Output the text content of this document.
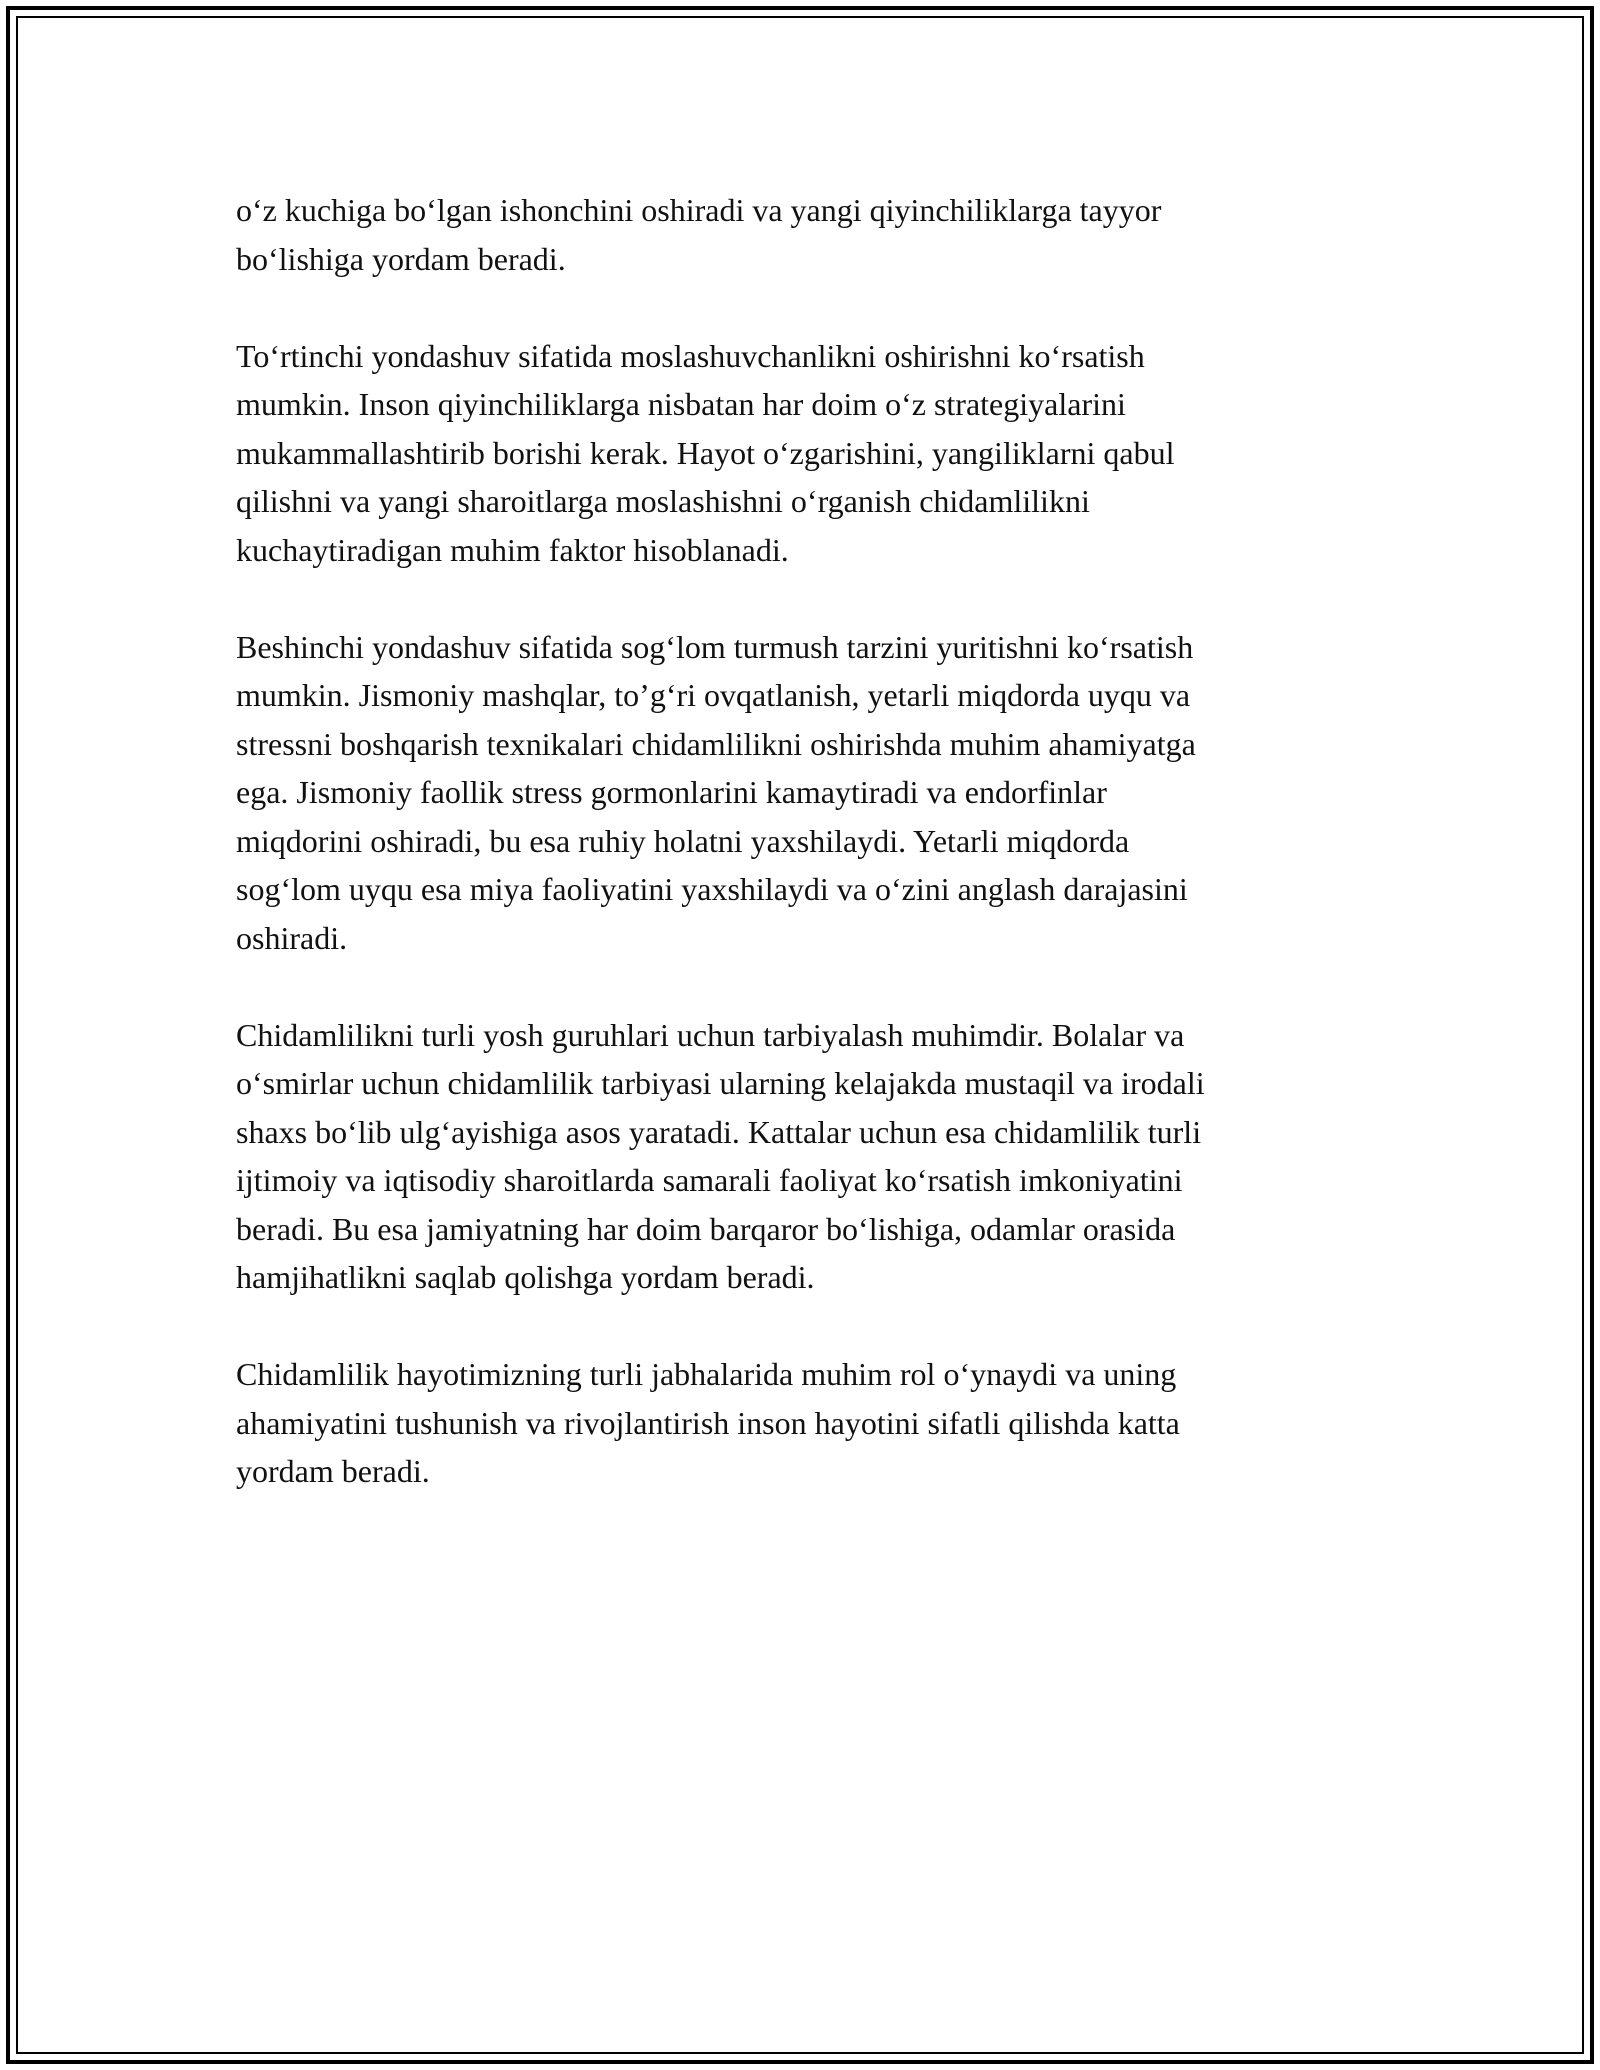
o‘z kuchiga bo‘lgan ishonchini oshiradi va yangi qiyinchiliklarga tayyor
bo‘lishiga yordam beradi.

To‘rtinchi yondashuv sifatida moslashuvchanlikni oshirishni ko‘rsatish
mumkin. Inson qiyinchiliklarga nisbatan har doim o‘z strategiyalarini
mukammallashtirib borishi kerak. Hayot o‘zgarishini, yangiliklarni qabul
qilishni va yangi sharoitlarga moslashishni o‘rganish chidamlilikni
kuchaytiradigan muhim faktor hisoblanadi.

Beshinchi yondashuv sifatida sog‘lom turmush tarzini yuritishni ko‘rsatish
mumkin. Jismoniy mashqlar, to’g‘ri ovqatlanish, yetarli miqdorda uyqu va
stressni boshqarish texnikalari chidamlilikni oshirishda muhim ahamiyatga
ega. Jismoniy faollik stress gormonlarini kamaytiradi va endorfinlar
miqdorini oshiradi, bu esa ruhiy holatni yaxshilaydi. Yetarli miqdorda
sog‘lom uyqu esa miya faoliyatini yaxshilaydi va o‘zini anglash darajasini
oshiradi.

Chidamlilikni turli yosh guruhlari uchun tarbiyalash muhimdir. Bolalar va
o‘smirlar uchun chidamlilik tarbiyasi ularning kelajakda mustaqil va irodali
shaxs bo‘lib ulg‘ayishiga asos yaratadi. Kattalar uchun esa chidamlilik turli
ijtimoiy va iqtisodiy sharoitlarda samarali faoliyat ko‘rsatish imkoniyatini
beradi. Bu esa jamiyatning har doim barqaror bo‘lishiga, odamlar orasida
hamjihatlikni saqlab qolishga yordam beradi.

Chidamlilik hayotimizning turli jabhalarida muhim rol o‘ynaydi va uning
ahamiyatini tushunish va rivojlantirish inson hayotini sifatli qilishda katta
yordam beradi.
